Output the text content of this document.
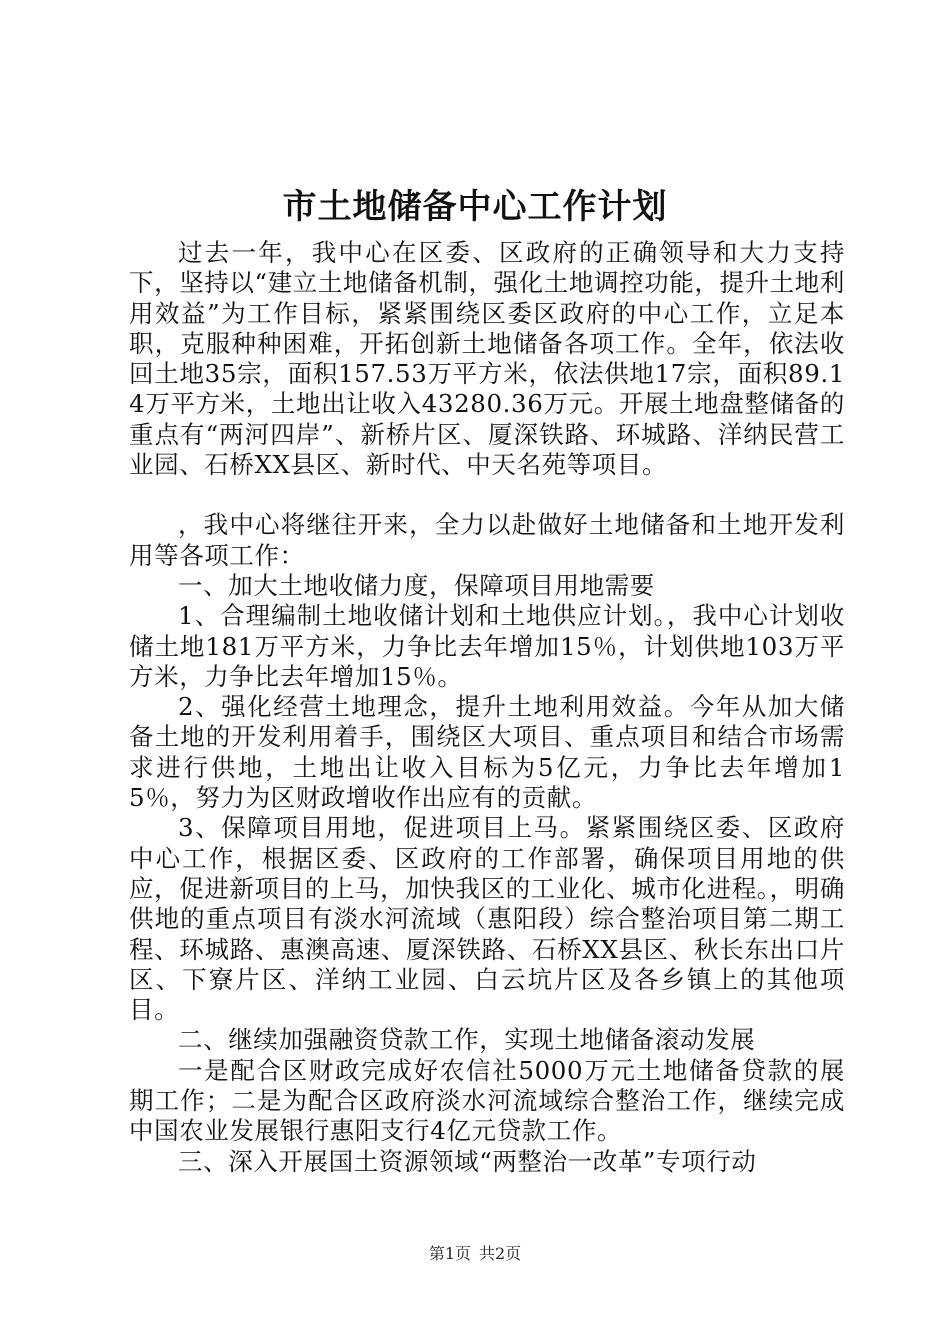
市土地储备中心工作计划

过去一年，我中心在区委、区政府的正确领导和大力支持下，坚持以“建立土地储备机制，强化土地调控功能，提升土地利用效益”为工作目标，紧紧围绕区委区政府的中心工作，立足本职，克服种种困难，开拓创新土地储备各项工作。全年，依法收回土地35宗，面积157.53万平方米，依法供地17宗，面积89.14万平方米，土地出让收入43280.36万元。开展土地盘整储备的重点有“两河四岸”、新桥片区、厦深铁路、环城路、洋纳民营工业园、石桥XX县区、新时代、中天名苑等项目。

，我中心将继往开来，全力以赴做好土地储备和土地开发利用等各项工作：

一、加大土地收储力度，保障项目用地需要

1、合理编制土地收储计划和土地供应计划。，我中心计划收储土地181万平方米，力争比去年增加15％，计划供地103万平方米，力争比去年增加15％。

2、强化经营土地理念，提升土地利用效益。今年从加大储备土地的开发利用着手，围绕区大项目、重点项目和结合市场需求进行供地，土地出让收入目标为5亿元，力争比去年增加15％，努力为区财政增收作出应有的贡献。

3、保障项目用地，促进项目上马。紧紧围绕区委、区政府中心工作，根据区委、区政府的工作部署，确保项目用地的供应，促进新项目的上马，加快我区的工业化、城市化进程。，明确供地的重点项目有淡水河流域（惠阳段）综合整治项目第二期工程、环城路、惠澳高速、厦深铁路、石桥XX县区、秋长东出口片区、下寮片区、洋纳工业园、白云坑片区及各乡镇上的其他项目。

二、继续加强融资贷款工作，实现土地储备滚动发展

一是配合区财政完成好农信社5000万元土地储备贷款的展期工作；二是为配合区政府淡水河流域综合整治工作，继续完成中国农业发展银行惠阳支行4亿元贷款工作。

三、深入开展国土资源领域“两整治一改革”专项行动

第1页 共2页
